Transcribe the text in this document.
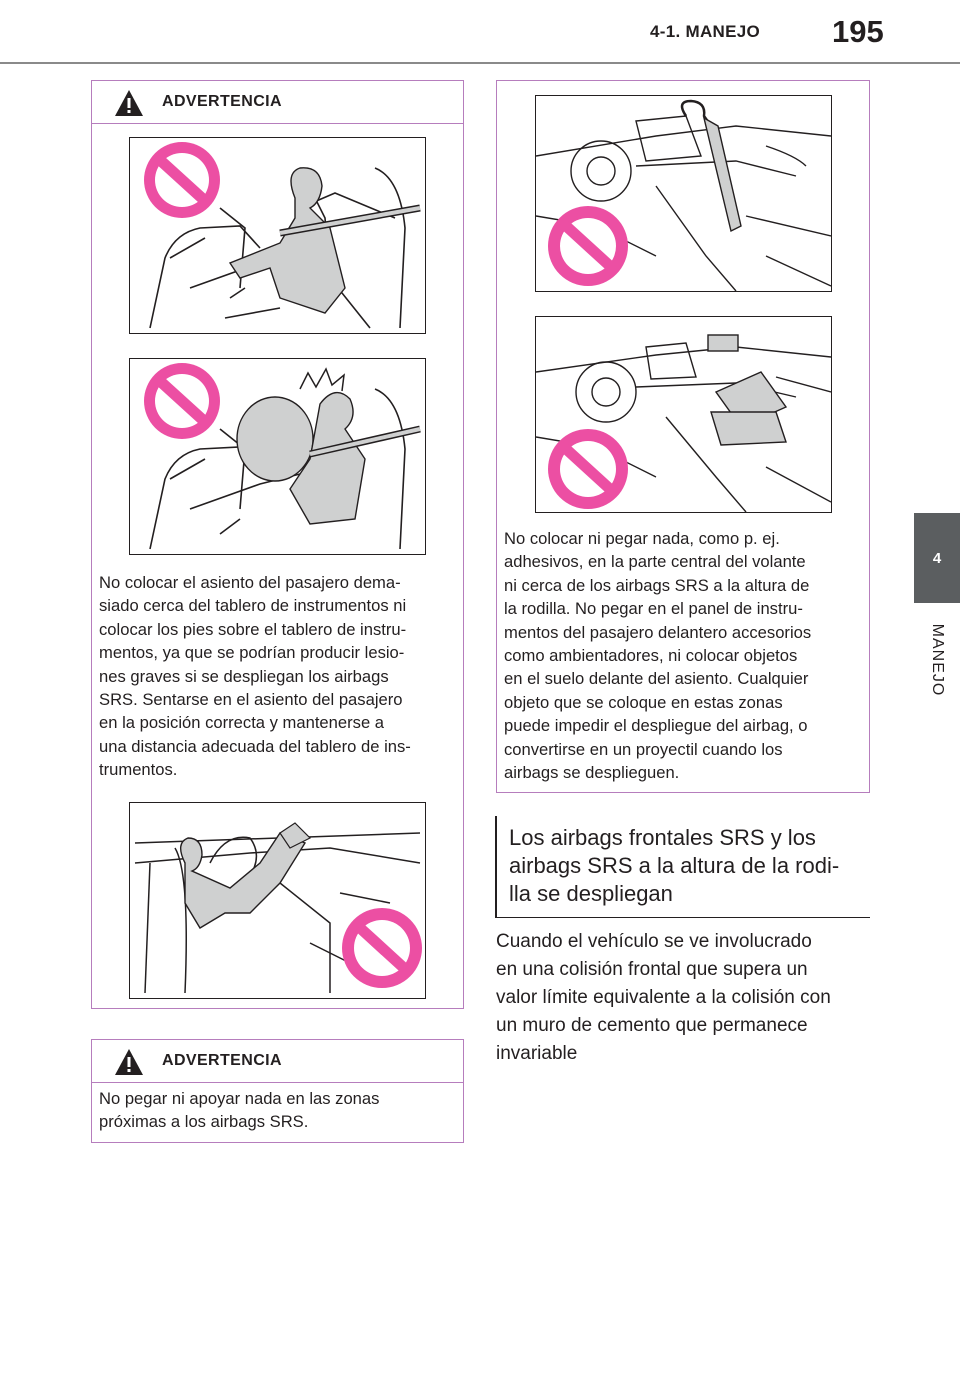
4-1. MANEJO 195
4
MANEJO
ADVERTENCIA
No colocar el asiento del pasajero dema-
siado cerca del tablero de instrumentos ni
colocar los pies sobre el tablero de instru-
mentos, ya que se podrían producir lesio-
nes graves si se despliegan los airbags
SRS. Sentarse en el asiento del pasajero
en la posición correcta y mantenerse a
una distancia adecuada del tablero de ins-
trumentos.
ADVERTENCIA
No pegar ni apoyar nada en las zonas
próximas a los airbags SRS.
No colocar ni pegar nada, como p. ej.
adhesivos, en la parte central del volante
ni cerca de los airbags SRS a la altura de
la rodilla. No pegar en el panel de instru-
mentos del pasajero delantero accesorios
como ambientadores, ni colocar objetos
en el suelo delante del asiento. Cualquier
objeto que se coloque en estas zonas
puede impedir el despliegue del airbag, o
convertirse en un proyectil cuando los
airbags se desplieguen.
Los airbags frontales SRS y los
airbags SRS a la altura de la rodi-
lla se despliegan
Cuando el vehículo se ve involucrado
en una colisión frontal que supera un
valor límite equivalente a la colisión con
un muro de cemento que permanece
invariable
